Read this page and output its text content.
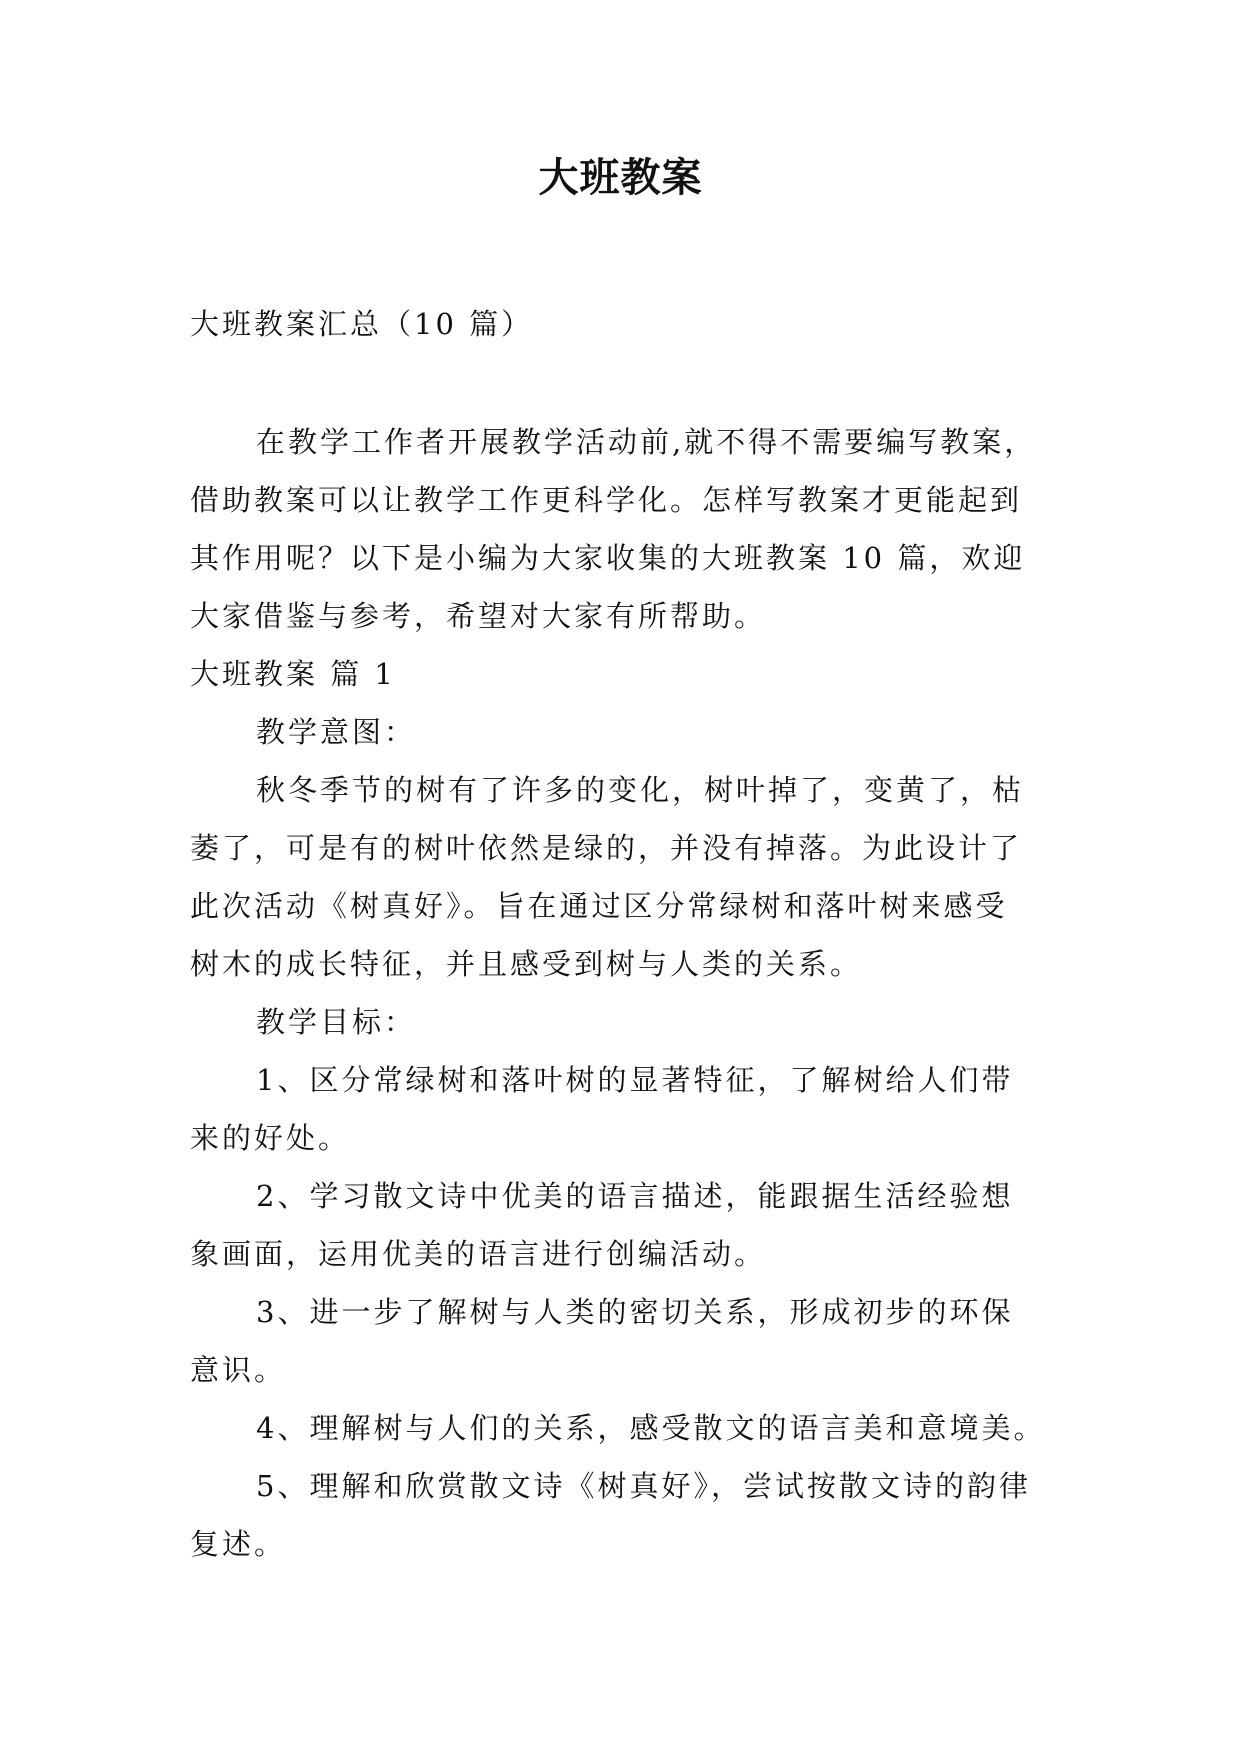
大班教案

大班教案汇总（10 篇）

在教学工作者开展教学活动前,就不得不需要编写教案，

借助教案可以让教学工作更科学化。怎样写教案才更能起到

其作用呢？以下是小编为大家收集的大班教案 10 篇，欢迎

大家借鉴与参考，希望对大家有所帮助。

大班教案 篇 1

教学意图：

秋冬季节的树有了许多的变化，树叶掉了，变黄了，枯

萎了，可是有的树叶依然是绿的，并没有掉落。为此设计了

此次活动《树真好》。旨在通过区分常绿树和落叶树来感受

树木的成长特征，并且感受到树与人类的关系。

教学目标：

1、区分常绿树和落叶树的显著特征，了解树给人们带

来的好处。

2、学习散文诗中优美的语言描述，能跟据生活经验想

象画面，运用优美的语言进行创编活动。

3、进一步了解树与人类的密切关系，形成初步的环保

意识。

4、理解树与人们的关系，感受散文的语言美和意境美。

5、理解和欣赏散文诗《树真好》，尝试按散文诗的韵律

复述。
